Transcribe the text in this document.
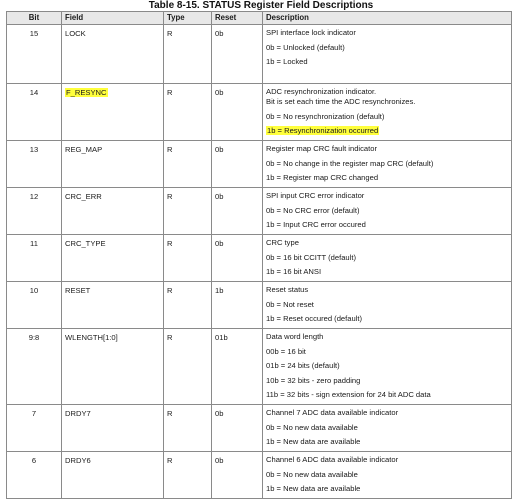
Table 8-15. STATUS Register Field Descriptions
Bit	Field	Type	Reset	Description
15	LOCK	R	0b	SPI interface lock indicator
0b = Unlocked (default)
1b = Locked

14	F_RESYNC	R	0b	ADC resynchronization indicator.
Bit is set each time the ADC resynchronizes.
0b = No resynchronization (default)
1b = Resynchronization occurred

13	REG_MAP	R	0b	Register map CRC fault indicator
0b = No change in the register map CRC (default)
1b = Register map CRC changed

12	CRC_ERR	R	0b	SPI input CRC error indicator
0b = No CRC error (default)
1b = Input CRC error occured

11	CRC_TYPE	R	0b	CRC type
0b = 16 bit CCITT (default)
1b = 16 bit ANSI

10	RESET	R	1b	Reset status
0b = Not reset
1b = Reset occured (default)

9:8	WLENGTH[1:0]	R	01b	Data word length
00b = 16 bit
01b = 24 bits (default)
10b = 32 bits - zero padding
11b = 32 bits - sign extension for 24 bit ADC data

7	DRDY7	R	0b	Channel 7 ADC data available indicator
0b = No new data available
1b = New data are available

6	DRDY6	R	0b	Channel 6 ADC data available indicator
0b = No new data available
1b = New data are available
